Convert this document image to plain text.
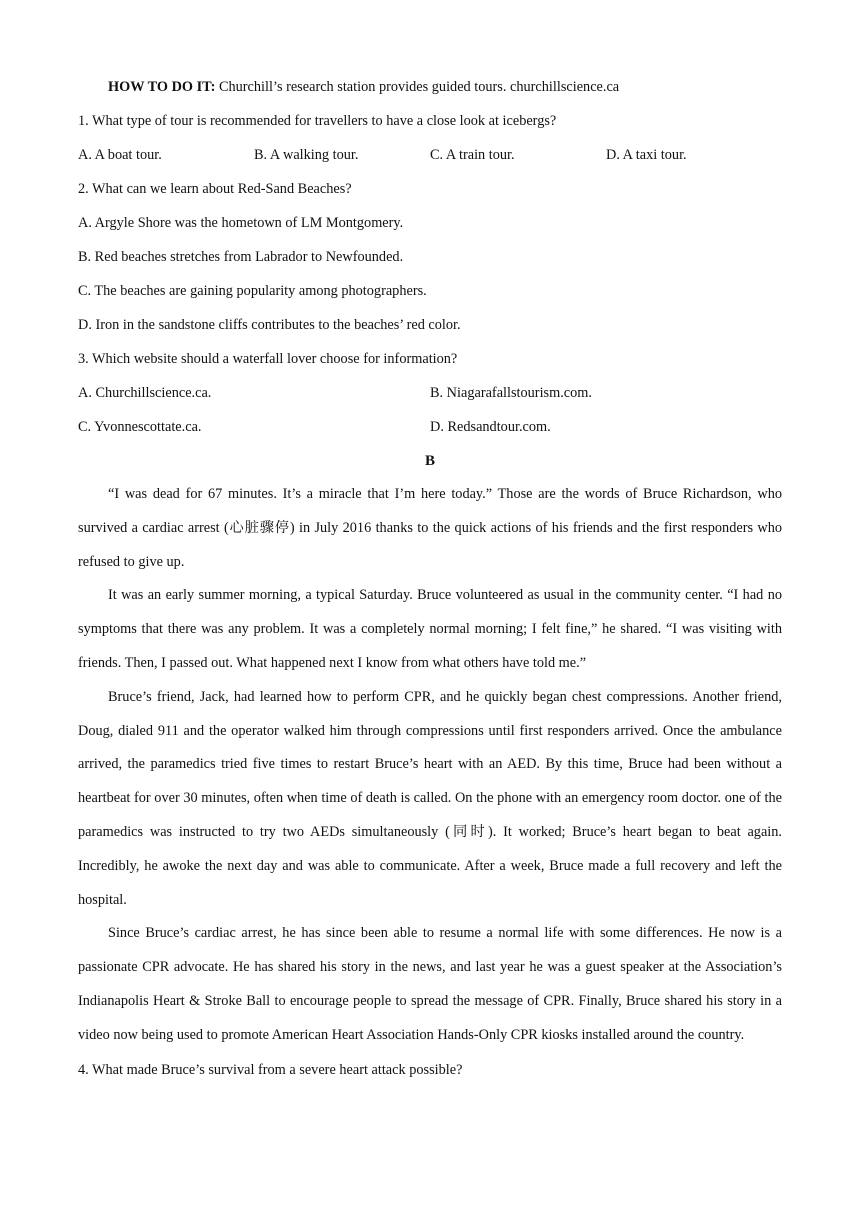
HOW TO DO IT: Churchill’s research station provides guided tours. churchillscience.ca

1. What type of tour is recommended for travellers to have a close look at icebergs?

A. A boat tour.	B. A walking tour.	C. A train tour.	D. A taxi tour.

2. What can we learn about Red-Sand Beaches?

A. Argyle Shore was the hometown of LM Montgomery.

B. Red beaches stretches from Labrador to Newfounded.

C. The beaches are gaining popularity among photographers.

D. Iron in the sandstone cliffs contributes to the beaches’ red color.

3. Which website should a waterfall lover choose for information?

A. Churchillscience.ca.	B. Niagarafallstourism.com.

C. Yvonnescottate.ca.	D. Redsandtour.com.

B

“I was dead for 67 minutes. It’s a miracle that I’m here today.” Those are the words of Bruce Richardson, who survived a cardiac arrest (心脏骤停) in July 2016 thanks to the quick actions of his friends and the first responders who refused to give up.

It was an early summer morning, a typical Saturday. Bruce volunteered as usual in the community center. “I had no symptoms that there was any problem. It was a completely normal morning; I felt fine,” he shared. “I was visiting with friends. Then, I passed out. What happened next I know from what others have told me.”

Bruce’s friend, Jack, had learned how to perform CPR, and he quickly began chest compressions. Another friend, Doug, dialed 911 and the operator walked him through compressions until first responders arrived. Once the ambulance arrived, the paramedics tried five times to restart Bruce’s heart with an AED. By this time, Bruce had been without a heartbeat for over 30 minutes, often when time of death is called. On the phone with an emergency room doctor. one of the paramedics was instructed to try two AEDs simultaneously (同时). It worked; Bruce’s heart began to beat again. Incredibly, he awoke the next day and was able to communicate. After a week, Bruce made a full recovery and left the hospital.

Since Bruce’s cardiac arrest, he has since been able to resume a normal life with some differences. He now is a passionate CPR advocate. He has shared his story in the news, and last year he was a guest speaker at the Association’s Indianapolis Heart & Stroke Ball to encourage people to spread the message of CPR. Finally, Bruce shared his story in a video now being used to promote American Heart Association Hands-Only CPR kiosks installed around the country.

4. What made Bruce’s survival from a severe heart attack possible?
